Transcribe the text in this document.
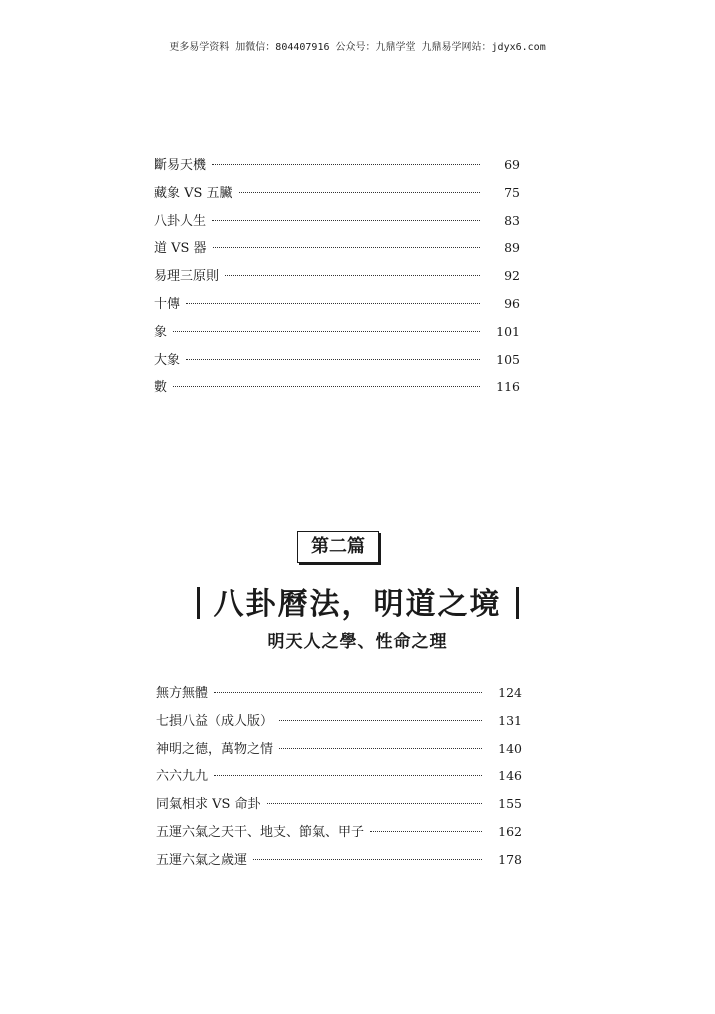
更多易学资料 加微信：804407916 公众号：九鼎学堂 九鼎易学网站：jdyx6.com
斷易天機	69
藏象 VS 五臟	75
八卦人生	83
道 VS 器	89
易理三原則	92
十傳	96
象	101
大象	105
數	116
第二篇
八卦曆法，明道之境
明天人之學、性命之理
無方無體	124
七損八益（成人版）	131
神明之德，萬物之情	140
六六九九	146
同氣相求 VS 命卦	155
五運六氣之天干、地支、節氣、甲子	162
五運六氣之歲運	178
